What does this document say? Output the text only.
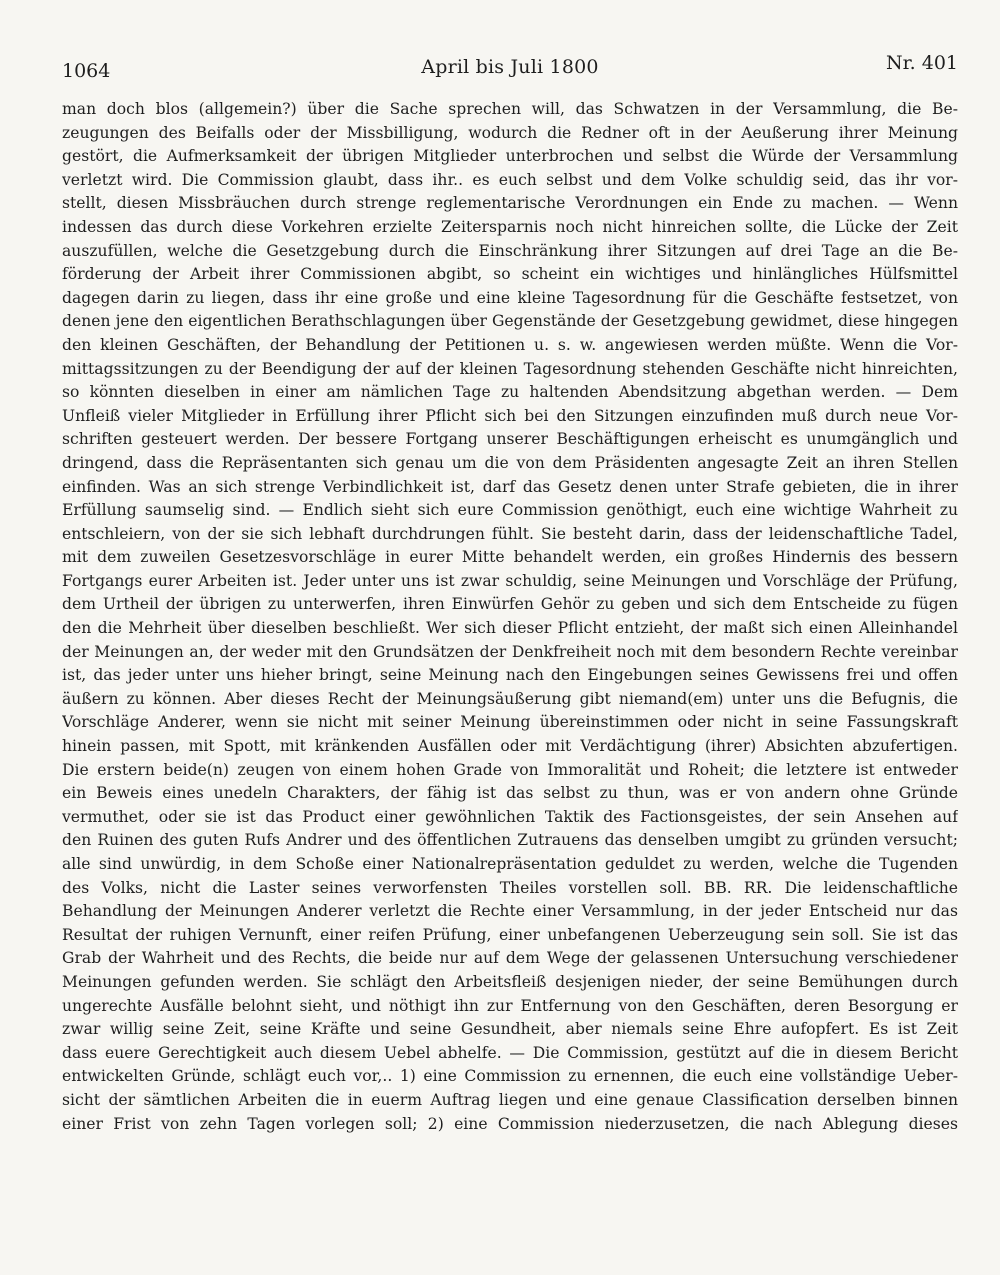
1064	April bis Juli 1800	Nr. 401
man doch blos (allgemein?) über die Sache sprechen will, das Schwatzen in der Versammlung, die Be-
zeugungen des Beifalls oder der Missbilligung, wodurch die Redner oft in der Aeußerung ihrer Meinung
gestört, die Aufmerksamkeit der übrigen Mitglieder unterbrochen und selbst die Würde der Versammlung
verletzt wird. Die Commission glaubt, dass ihr.. es euch selbst und dem Volke schuldig seid, das ihr vor-
stellt, diesen Missbräuchen durch strenge reglementarische Verordnungen ein Ende zu machen. — Wenn
indessen das durch diese Vorkehren erzielte Zeitersparnis noch nicht hinreichen sollte, die Lücke der Zeit
auszufüllen, welche die Gesetzgebung durch die Einschränkung ihrer Sitzungen auf drei Tage an die Be-
förderung der Arbeit ihrer Commissionen abgibt, so scheint ein wichtiges und hinlängliches Hülfsmittel
dagegen darin zu liegen, dass ihr eine große und eine kleine Tagesordnung für die Geschäfte festsetzet, von
denen jene den eigentlichen Berathschlagungen über Gegenstände der Gesetzgebung gewidmet, diese hingegen
den kleinen Geschäften, der Behandlung der Petitionen u. s. w. angewiesen werden müßte. Wenn die Vor-
mittagssitzungen zu der Beendigung der auf der kleinen Tagesordnung stehenden Geschäfte nicht hinreichten,
so könnten dieselben in einer am nämlichen Tage zu haltenden Abendsitzung abgethan werden. — Dem
Unfleiß vieler Mitglieder in Erfüllung ihrer Pflicht sich bei den Sitzungen einzufinden muß durch neue Vor-
schriften gesteuert werden. Der bessere Fortgang unserer Beschäftigungen erheischt es unumgänglich und
dringend, dass die Repräsentanten sich genau um die von dem Präsidenten angesagte Zeit an ihren Stellen
einfinden. Was an sich strenge Verbindlichkeit ist, darf das Gesetz denen unter Strafe gebieten, die in ihrer
Erfüllung saumselig sind. — Endlich sieht sich eure Commission genöthigt, euch eine wichtige Wahrheit zu
entschleiern, von der sie sich lebhaft durchdrungen fühlt. Sie besteht darin, dass der leidenschaftliche Tadel,
mit dem zuweilen Gesetzesvorschläge in eurer Mitte behandelt werden, ein großes Hindernis des bessern
Fortgangs eurer Arbeiten ist. Jeder unter uns ist zwar schuldig, seine Meinungen und Vorschläge der Prüfung,
dem Urtheil der übrigen zu unterwerfen, ihren Einwürfen Gehör zu geben und sich dem Entscheide zu fügen
den die Mehrheit über dieselben beschließt. Wer sich dieser Pflicht entzieht, der maßt sich einen Alleinhandel
der Meinungen an, der weder mit den Grundsätzen der Denkfreiheit noch mit dem besondern Rechte vereinbar
ist, das jeder unter uns hieher bringt, seine Meinung nach den Eingebungen seines Gewissens frei und offen
äußern zu können. Aber dieses Recht der Meinungsäußerung gibt niemand(em) unter uns die Befugnis, die
Vorschläge Anderer, wenn sie nicht mit seiner Meinung übereinstimmen oder nicht in seine Fassungskraft
hinein passen, mit Spott, mit kränkenden Ausfällen oder mit Verdächtigung (ihrer) Absichten abzufertigen.
Die erstern beide(n) zeugen von einem hohen Grade von Immoralität und Roheit; die letztere ist entweder
ein Beweis eines unedeln Charakters, der fähig ist das selbst zu thun, was er von andern ohne Gründe
vermuthet, oder sie ist das Product einer gewöhnlichen Taktik des Factionsgeistes, der sein Ansehen auf
den Ruinen des guten Rufs Andrer und des öffentlichen Zutrauens das denselben umgibt zu gründen versucht;
alle sind unwürdig, in dem Schoße einer Nationalrepräsentation geduldet zu werden, welche die Tugenden
des Volks, nicht die Laster seines verworfensten Theiles vorstellen soll. BB. RR. Die leidenschaftliche
Behandlung der Meinungen Anderer verletzt die Rechte einer Versammlung, in der jeder Entscheid nur das
Resultat der ruhigen Vernunft, einer reifen Prüfung, einer unbefangenen Ueberzeugung sein soll. Sie ist das
Grab der Wahrheit und des Rechts, die beide nur auf dem Wege der gelassenen Untersuchung verschiedener
Meinungen gefunden werden. Sie schlägt den Arbeitsfleiß desjenigen nieder, der seine Bemühungen durch
ungerechte Ausfälle belohnt sieht, und nöthigt ihn zur Entfernung von den Geschäften, deren Besorgung er
zwar willig seine Zeit, seine Kräfte und seine Gesundheit, aber niemals seine Ehre aufopfert. Es ist Zeit
dass euere Gerechtigkeit auch diesem Uebel abhelfe. — Die Commission, gestützt auf die in diesem Bericht
entwickelten Gründe, schlägt euch vor,.. 1) eine Commission zu ernennen, die euch eine vollständige Ueber-
sicht der sämtlichen Arbeiten die in euerm Auftrag liegen und eine genaue Classification derselben binnen
einer Frist von zehn Tagen vorlegen soll; 2) eine Commission niederzusetzen, die nach Ablegung dieses
